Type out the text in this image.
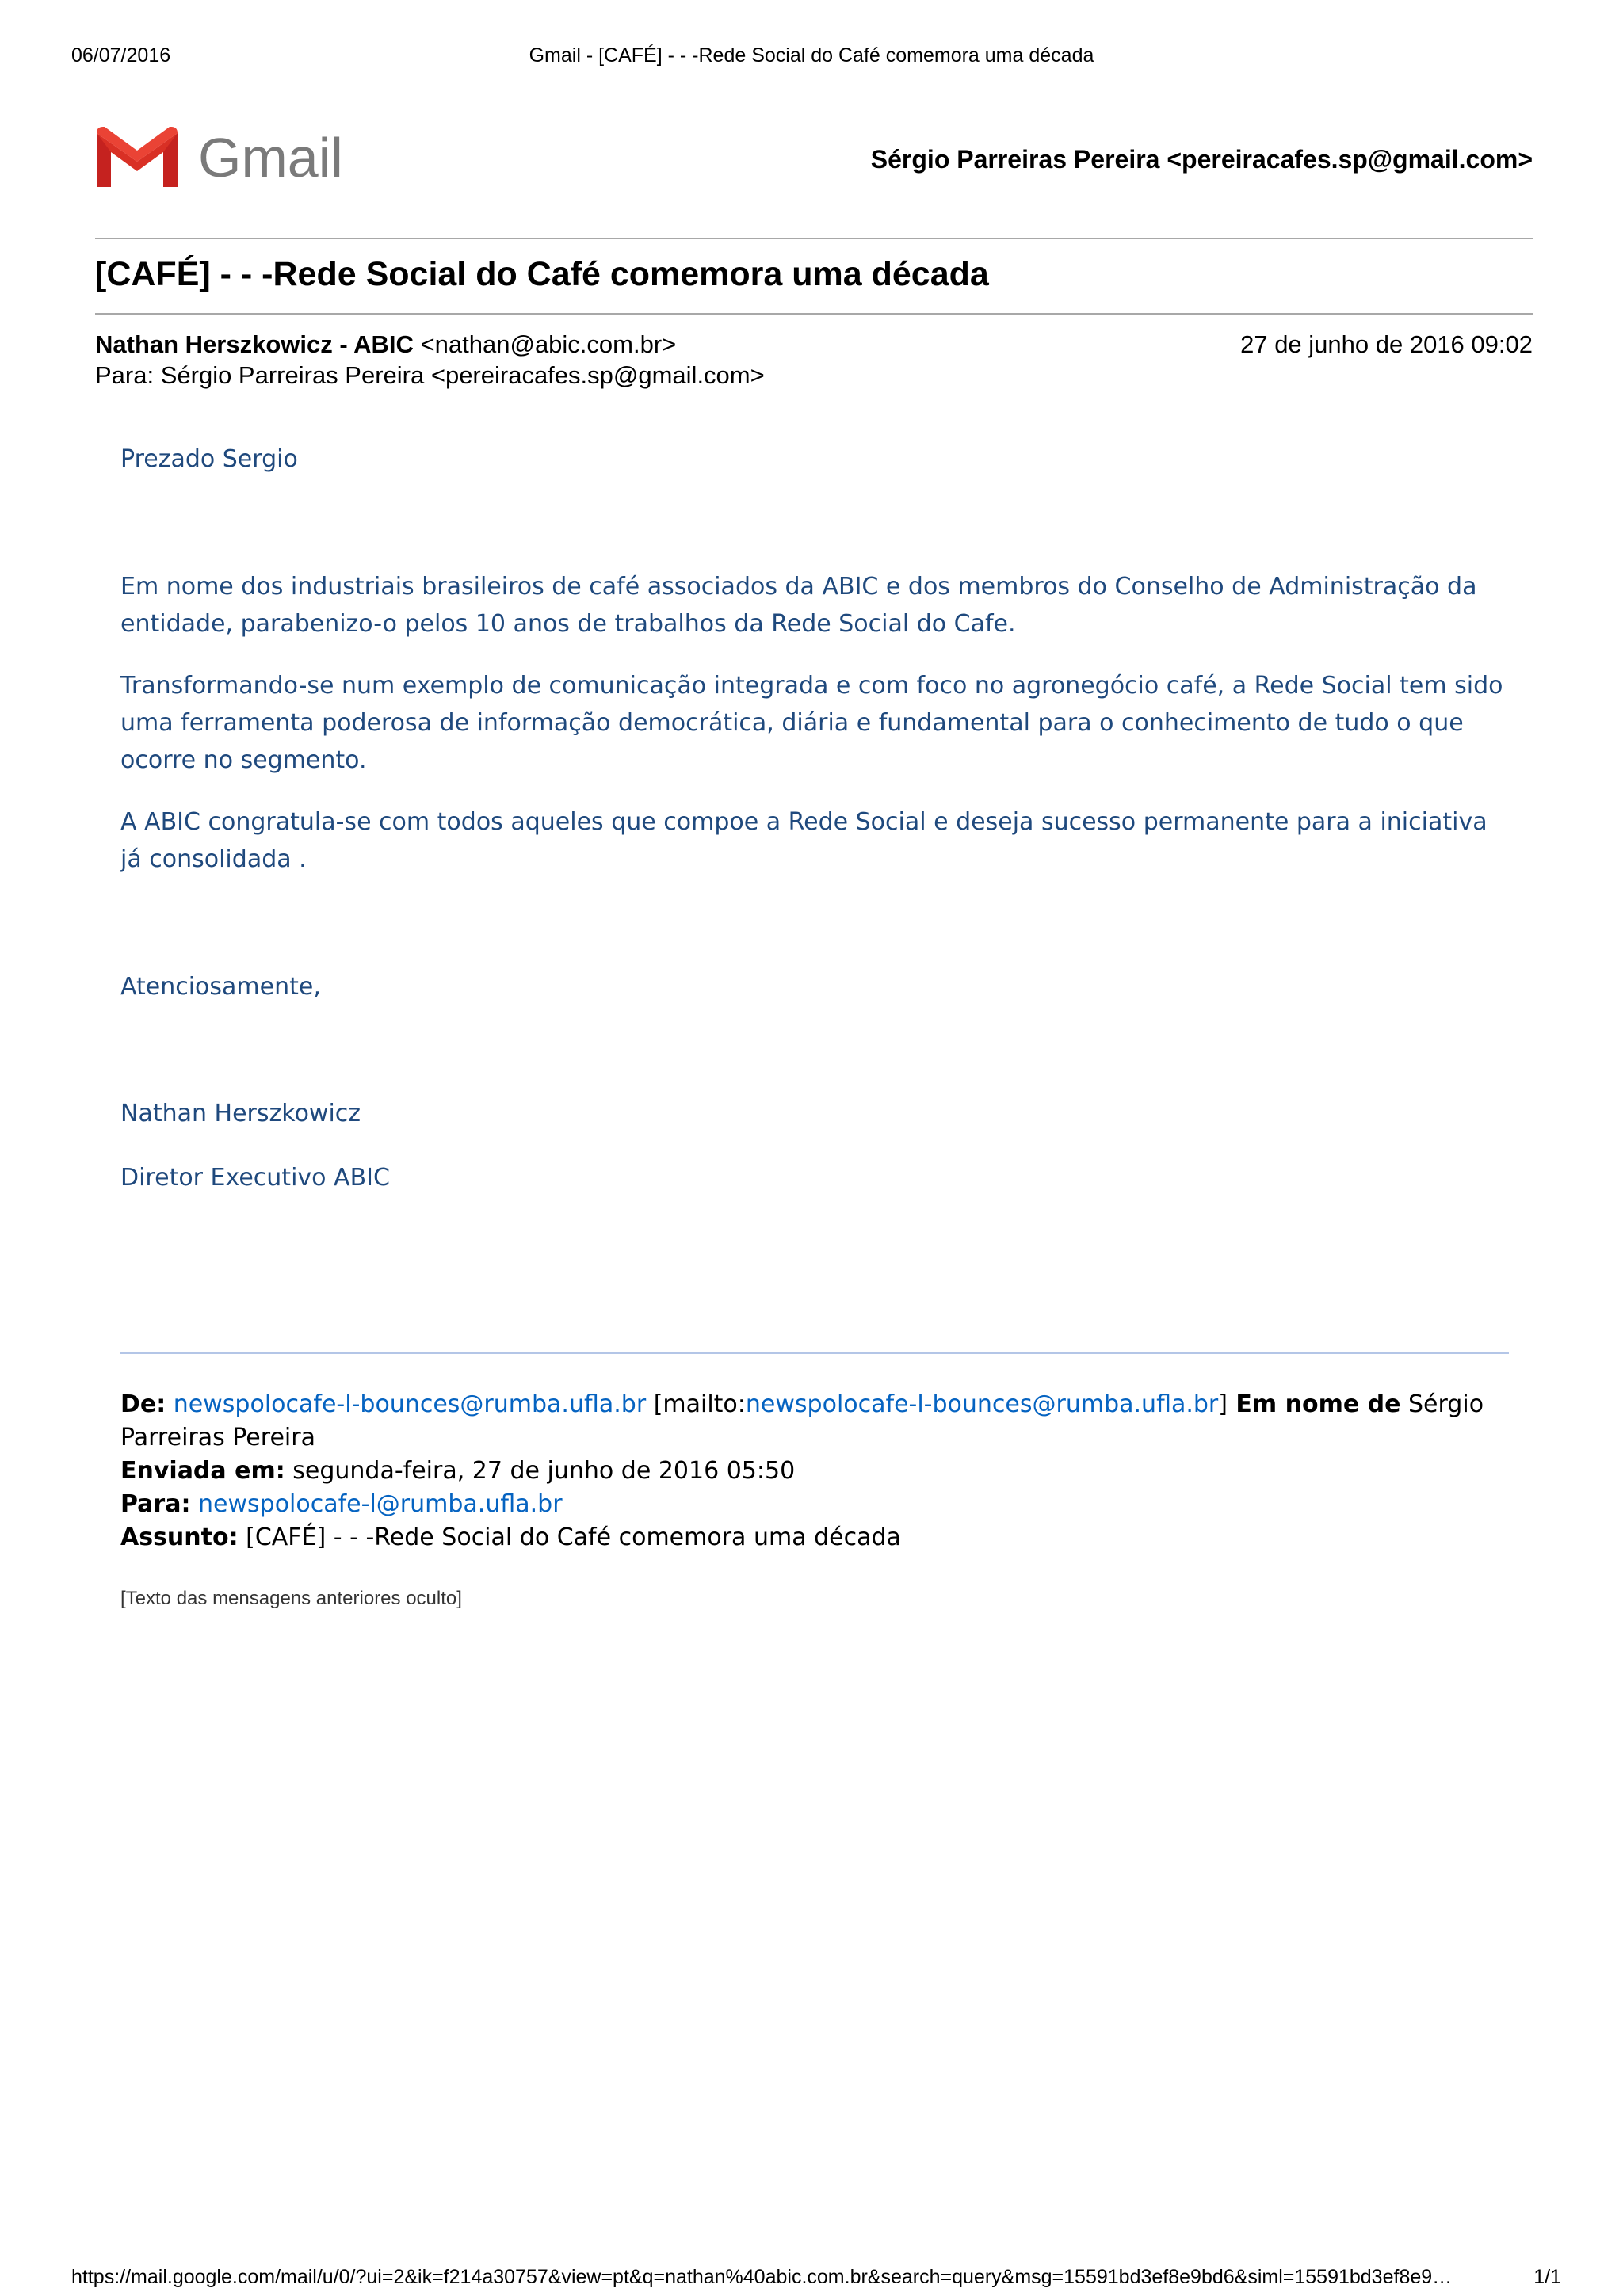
06/07/2016	Gmail - [CAFÉ] - - -Rede Social do Café comemora uma década
Gmail	Sérgio Parreiras Pereira <pereiracafes.sp@gmail.com>
[CAFÉ] - - -Rede Social do Café comemora uma década
Nathan Herszkowicz - ABIC <nathan@abic.com.br>	27 de junho de 2016 09:02
Para: Sérgio Parreiras Pereira <pereiracafes.sp@gmail.com>

Prezado Sergio

Em nome dos industriais brasileiros de café associados da ABIC e dos membros do Conselho de Administração da entidade, parabenizo-o pelos 10 anos de trabalhos da Rede Social do Cafe.

Transformando-se num exemplo de comunicação integrada e com foco no agronegócio café, a Rede Social tem sido uma ferramenta poderosa de informação democrática, diária e fundamental para o conhecimento de tudo o que ocorre no segmento.

A ABIC congratula-se com todos aqueles que compoe a Rede Social e deseja sucesso permanente para a iniciativa já consolidada .

Atenciosamente,

Nathan Herszkowicz

Diretor Executivo ABIC

De: newspolocafe-l-bounces@rumba.ufla.br [mailto:newspolocafe-l-bounces@rumba.ufla.br] Em nome de Sérgio Parreiras Pereira
Enviada em: segunda-feira, 27 de junho de 2016 05:50
Para: newspolocafe-l@rumba.ufla.br
Assunto: [CAFÉ] - - -Rede Social do Café comemora uma década
[Texto das mensagens anteriores oculto]
https://mail.google.com/mail/u/0/?ui=2&ik=f214a30757&view=pt&q=nathan%40abic.com.br&search=query&msg=15591bd3ef8e9bd6&siml=15591bd3ef8e9…	1/1
